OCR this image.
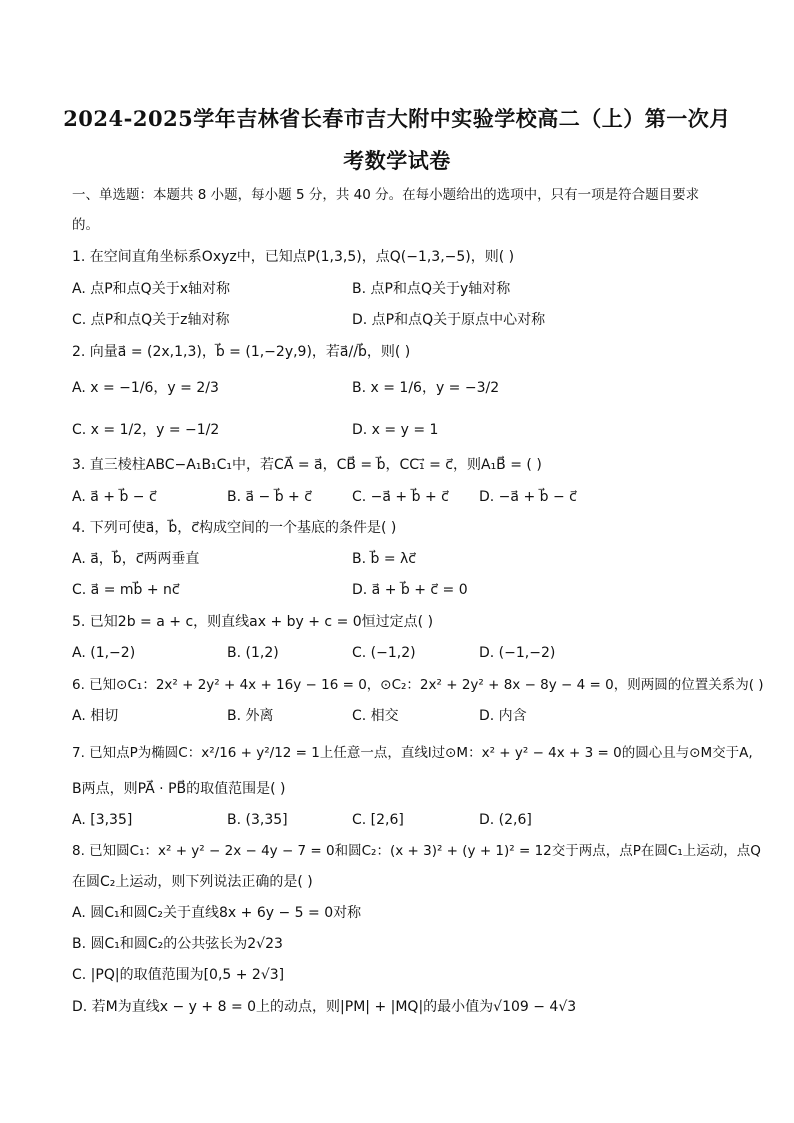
2024-2025学年吉林省长春市吉大附中实验学校高二（上）第一次月
考数学试卷
一、单选题：本题共 8 小题，每小题 5 分，共 40 分。在每小题给出的选项中，只有一项是符合题目要求
的。
1. 在空间直角坐标系Oxyz中，已知点P(1,3,5)，点Q(−1,3,−5)，则( )
A. 点P和点Q关于x轴对称	B. 点P和点Q关于y轴对称
C. 点P和点Q关于z轴对称	D. 点P和点Q关于原点中心对称
2. 向量a⃗ = (2x,1,3)，b⃗ = (1,−2y,9)，若a⃗//b⃗，则( )
A. x = −1/6，y = 2/3	B. x = 1/6，y = −3/2
C. x = 1/2，y = −1/2	D. x = y = 1
3. 直三棱柱ABC−A₁B₁C₁中，若CA⃗ = a⃗，CB⃗ = b⃗，CC₁⃗ = c⃗，则A₁B⃗ = ( )
A. a⃗ + b⃗ − c⃗	B. a⃗ − b⃗ + c⃗	C. −a⃗ + b⃗ + c⃗ D. −a⃗ + b⃗ − c⃗
4. 下列可使a⃗，b⃗，c⃗构成空间的一个基底的条件是( )
A. a⃗，b⃗，c⃗两两垂直	B. b⃗ = λc⃗
C. a⃗ = mb⃗ + nc⃗	D. a⃗ + b⃗ + c⃗ = 0
5. 已知2b = a + c，则直线ax + by + c = 0恒过定点( )
A. (1,−2)	B. (1,2)	C. (−1,2)	D. (−1,−2)
6. 已知⊙C₁：2x² + 2y² + 4x + 16y − 16 = 0，⊙C₂：2x² + 2y² + 8x − 8y − 4 = 0，则两圆的位置关系为( )
A. 相切	B. 外离	C. 相交	D. 内含
7. 已知点P为椭圆C：x²/16 + y²/12 = 1上任意一点，直线l过⊙M：x² + y² − 4x + 3 = 0的圆心且与⊙M交于A,
B两点，则PA⃗ · PB⃗的取值范围是( )
A. [3,35]	B. (3,35]	C. [2,6]	D. (2,6]
8. 已知圆C₁：x² + y² − 2x − 4y − 7 = 0和圆C₂：(x + 3)² + (y + 1)² = 12交于两点，点P在圆C₁上运动，点Q
在圆C₂上运动，则下列说法正确的是( )
A. 圆C₁和圆C₂关于直线8x + 6y − 5 = 0对称
B. 圆C₁和圆C₂的公共弦长为2√23
C. |PQ|的取值范围为[0,5 + 2√3]
D. 若M为直线x − y + 8 = 0上的动点，则|PM| + |MQ|的最小值为√109 − 4√3
